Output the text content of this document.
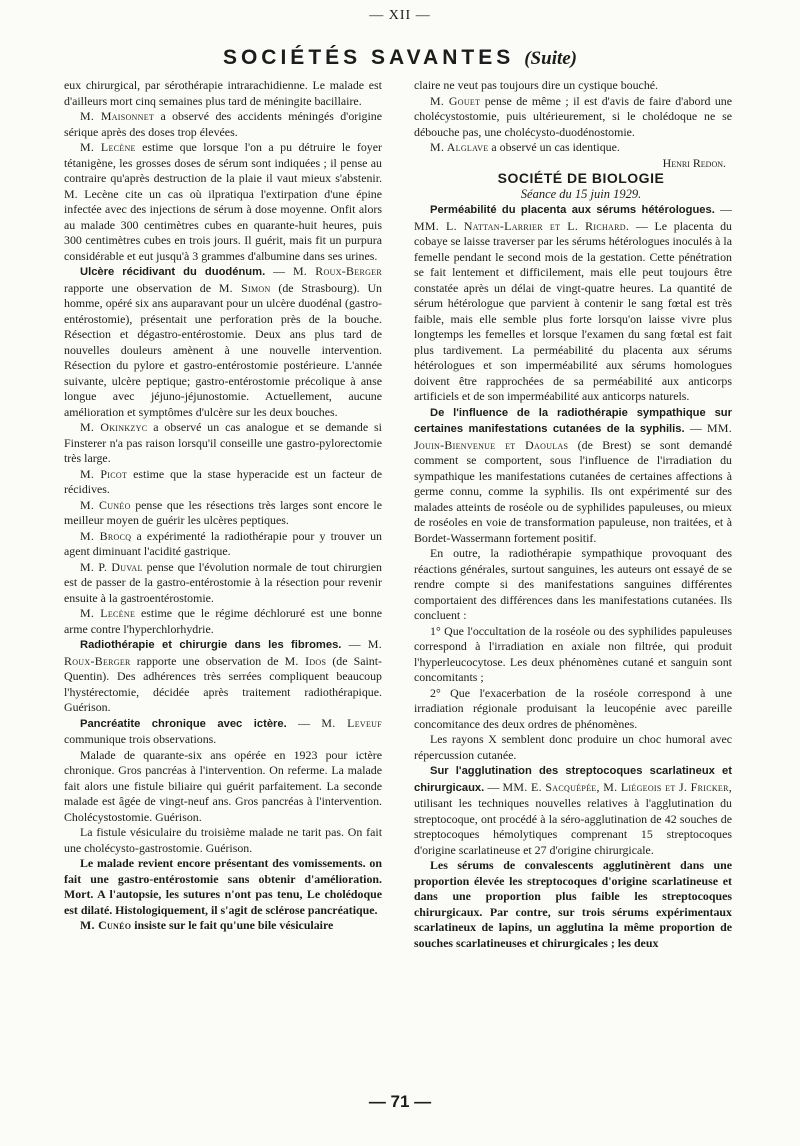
— XII —
SOCIÉTÉS SAVANTES (Suite)

eux chirurgical, par sérothérapie intrarachidienne. Le malade est d'ailleurs mort cinq semaines plus tard de méningite bacillaire.

M. Maisonnet a observé des accidents méningés d'origine sérique après des doses trop élevées.

M. Lecène estime que lorsque l'on a pu détruire le foyer tétanigène, les grosses doses de sérum sont indiquées ; il pense au contraire qu'après destruction de la plaie il vaut mieux s'abstenir. M. Lecène cite un cas où ilpratiqua l'extirpation d'une épine infectée avec des injections de sérum à dose moyenne. Onfit alors au malade 300 centimètres cubes en quarante-huit heures, puis 300 centimètres cubes en trois jours. Il guérit, mais fit un purpura considérable et eut jusqu'à 3 grammes d'albumine dans ses urines.

Ulcère récidivant du duodénum. — M. Roux-Berger rapporte une observation de M. Simon (de Strasbourg). Un homme, opéré six ans auparavant pour un ulcère duodénal (gastro-entérostomie), présentait une perforation près de la bouche. Résection et dégastro-entérostomie. Deux ans plus tard de nouvelles douleurs amènent à une nouvelle intervention. Résection du pylore et gastro-entérostomie postérieure. L'année suivante, ulcère peptique; gastro-entérostomie précolique à anse longue avec jéjuno-jéjunostomie. Actuellement, aucune amélioration et symptômes d'ulcère sur les deux bouches.

M. Okinkzyc a observé un cas analogue et se demande si Finsterer n'a pas raison lorsqu'il conseille une gastro-pylorectomie très large.

M. Picot estime que la stase hyperacide est un facteur de récidives.

M. Cunéo pense que les résections très larges sont encore le meilleur moyen de guérir les ulcères peptiques.

M. Brocq a expérimenté la radiothérapie pour y trouver un agent diminuant l'acidité gastrique.

M. P. Duval pense que l'évolution normale de tout chirurgien est de passer de la gastro-entérostomie à la résection pour revenir ensuite à la gastroentérostomie.

M. Lecène estime que le régime déchloruré est une bonne arme contre l'hyperchlorhydrie.

Radiothérapie et chirurgie dans les fibromes. — M. Roux-Berger rapporte une observation de M. Idos (de Saint-Quentin). Des adhérences très serrées compliquent beaucoup l'hystérectomie, décidée après traitement radiothérapique. Guérison.

Pancréatite chronique avec ictère. — M. Leveuf communique trois observations.

Malade de quarante-six ans opérée en 1923 pour ictère chronique. Gros pancréas à l'intervention. On referme. La malade fait alors une fistule biliaire qui guérit parfaitement. La seconde malade est âgée de vingt-neuf ans. Gros pancréas à l'intervention. Cholécystostomie. Guérison.

La fistule vésiculaire du troisième malade ne tarit pas. On fait une cholécysto-gastrostomie. Guérison.

Le malade revient encore présentant des vomissements. on fait une gastro-entérostomie sans obtenir d'amélioration. Mort. A l'autopsie, les sutures n'ont pas tenu, Le cholédoque est dilaté. Histologiquement, il s'agit de sclérose pancréatique.

M. Cunéo insiste sur le fait qu'une bile vésiculaire

claire ne veut pas toujours dire un cystique bouché.

M. Gouet pense de même ; il est d'avis de faire d'abord une cholécystostomie, puis ultérieurement, si le cholédoque ne se débouche pas, une cholécysto-duodénostomie.

M. Alglave a observé un cas identique.

Henri Redon.

SOCIÉTÉ DE BIOLOGIE

Séance du 15 juin 1929.

Perméabilité du placenta aux sérums hétérologues. — MM. L. Nattan-Larrier et L. Richard. — Le placenta du cobaye se laisse traverser par les sérums hétérologues inoculés à la femelle pendant le second mois de la gestation. Cette pénétration se fait lentement et difficilement, mais elle peut toujours être constatée après un délai de vingt-quatre heures. La quantité de sérum hétérologue que parvient à contenir le sang fœtal est très faible, mais elle semble plus forte lorsqu'on laisse vivre plus longtemps les femelles et lorsque l'examen du sang fœtal est fait plus tardivement. La perméabilité du placenta aux sérums hétérologues et son imperméabilité aux sérums homologues doivent être rapprochées de sa perméabilité aux anticorps artificiels et de son imperméabilité aux anticorps naturels.

De l'influence de la radiothérapie sympathique sur certaines manifestations cutanées de la syphilis. — MM. Jouin-Bienvenue et Daoulas (de Brest) se sont demandé comment se comportent, sous l'influence de l'irradiation du sympathique les manifestations cutanées de certaines affections à germe connu, comme la syphilis. Ils ont expérimenté sur des malades atteints de roséole ou de syphilides papuleuses, ou mieux de roséoles en voie de transformation papuleuse, non traitées, et à Bordet-Wassermann fortement positif.

En outre, la radiothérapie sympathique provoquant des réactions générales, surtout sanguines, les auteurs ont essayé de se rendre compte si des manifestations sanguines différentes comportaient des différences dans les manifestations cutanées. Ils concluent :

1° Que l'occultation de la roséole ou des syphilides papuleuses correspond à l'irradiation en axiale non filtrée, qui produit l'hyperleucocytose. Les deux phénomènes cutané et sanguin sont concomitants ;

2° Que l'exacerbation de la roséole correspond à une irradiation régionale produisant la leucopénie avec pareille concomitance des deux ordres de phénomènes.

Les rayons X semblent donc produire un choc humoral avec répercussion cutanée.

Sur l'agglutination des streptocoques scarlatineux et chirurgicaux. — MM. E. Sacquépée, M. Liégeois et J. Fricker, utilisant les techniques nouvelles relatives à l'agglutination du streptocoque, ont procédé à la séro-agglutination de 42 souches de streptocoques hémolytiques comprenant 15 streptocoques d'origine scarlatineuse et 27 d'origine chirurgicale.

Les sérums de convalescents agglutinèrent dans une proportion élevée les streptocoques d'origine scarlatineuse et dans une proportion plus faible les streptocoques chirurgicaux. Par contre, sur trois sérums expérimentaux scarlatineux de lapins, un agglutina la même proportion de souches scarlatineuses et chirurgicales ; les deux

— 71 —
